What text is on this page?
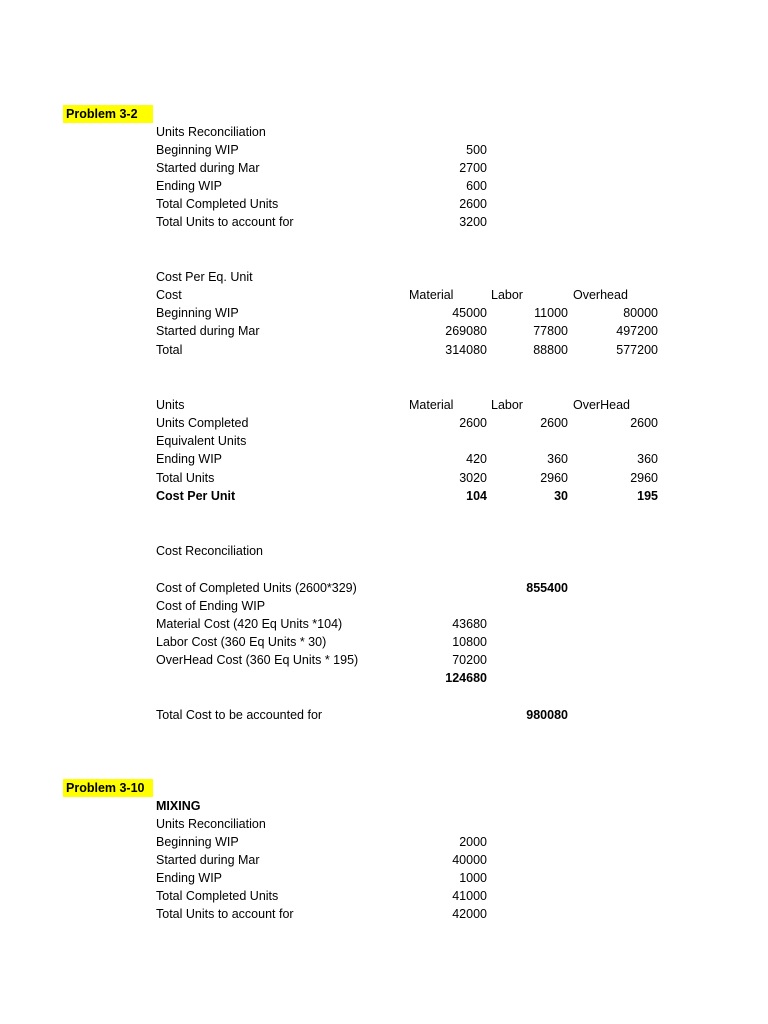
Problem 3-2
Units Reconciliation
Beginning WIP	500
Started during Mar	2700
Ending WIP	600
Total Completed Units	2600
Total Units to account for	3200
Cost Per Eq. Unit
Cost	Material	Labor	Overhead
Beginning WIP	45000	11000	80000
Started during Mar	269080	77800	497200
Total	314080	88800	577200
Units	Material	Labor	OverHead
Units Completed	2600	2600	2600
Equivalent Units
Ending WIP	420	360	360
Total Units	3020	2960	2960
Cost Per Unit	104	30	195
Cost Reconciliation
Cost of Completed Units (2600*329)	855400
Cost of Ending WIP
Material Cost (420 Eq Units *104)	43680
Labor Cost (360 Eq Units * 30)	10800
OverHead Cost (360 Eq Units * 195)	70200
124680
Total Cost to be accounted for	980080
Problem 3-10
MIXING
Units Reconciliation
Beginning WIP	2000
Started during Mar	40000
Ending WIP	1000
Total Completed Units	41000
Total Units to account for	42000
